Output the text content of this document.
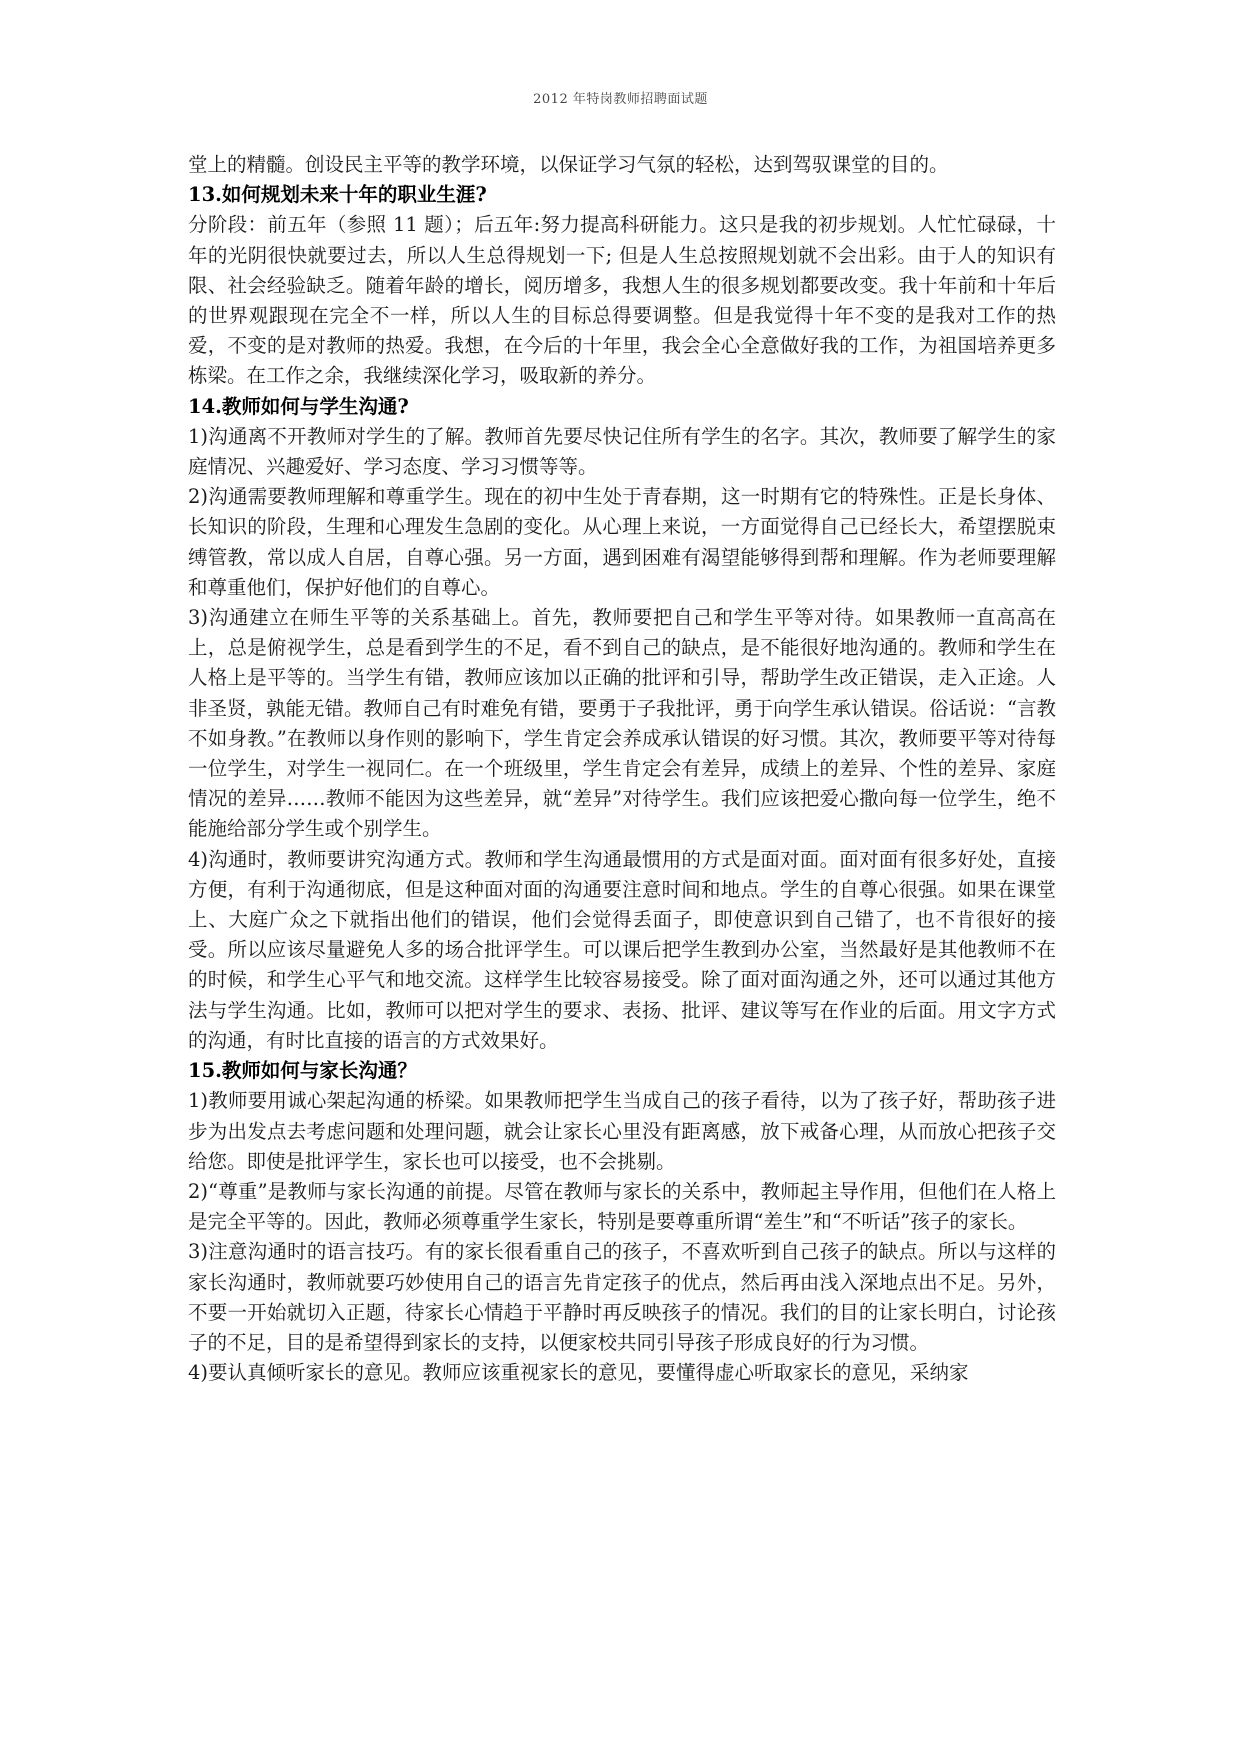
2012 年特岗教师招聘面试题

堂上的精髓。创设民主平等的教学环境，以保证学习气氛的轻松，达到驾驭课堂的目的。

13.如何规划未来十年的职业生涯?

分阶段：前五年（参照 11 题）；后五年:努力提高科研能力。这只是我的初步规划。人忙忙碌碌，十年的光阴很快就要过去，所以人生总得规划一下; 但是人生总按照规划就不会出彩。由于人的知识有限、社会经验缺乏。随着年龄的增长，阅历增多，我想人生的很多规划都要改变。我十年前和十年后的世界观跟现在完全不一样，所以人生的目标总得要调整。但是我觉得十年不变的是我对工作的热爱，不变的是对教师的热爱。我想，在今后的十年里，我会全心全意做好我的工作，为祖国培养更多栋梁。在工作之余，我继续深化学习，吸取新的养分。

14.教师如何与学生沟通?

1)沟通离不开教师对学生的了解。教师首先要尽快记住所有学生的名字。其次，教师要了解学生的家庭情况、兴趣爱好、学习态度、学习习惯等等。

2)沟通需要教师理解和尊重学生。现在的初中生处于青春期，这一时期有它的特殊性。正是长身体、长知识的阶段，生理和心理发生急剧的变化。从心理上来说，一方面觉得自己已经长大，希望摆脱束缚管教，常以成人自居，自尊心强。另一方面，遇到困难有渴望能够得到帮和理解。作为老师要理解和尊重他们，保护好他们的自尊心。

3)沟通建立在师生平等的关系基础上。首先，教师要把自己和学生平等对待。如果教师一直高高在上，总是俯视学生，总是看到学生的不足，看不到自己的缺点，是不能很好地沟通的。教师和学生在人格上是平等的。当学生有错，教师应该加以正确的批评和引导，帮助学生改正错误，走入正途。人非圣贤，孰能无错。教师自己有时难免有错，要勇于子我批评，勇于向学生承认错误。俗话说：“言教不如身教。”在教师以身作则的影响下，学生肯定会养成承认错误的好习惯。其次，教师要平等对待每一位学生，对学生一视同仁。在一个班级里，学生肯定会有差异，成绩上的差异、个性的差异、家庭情况的差异……教师不能因为这些差异，就“差异”对待学生。我们应该把爱心撒向每一位学生，绝不能施给部分学生或个别学生。

4)沟通时，教师要讲究沟通方式。教师和学生沟通最惯用的方式是面对面。面对面有很多好处，直接方便，有利于沟通彻底，但是这种面对面的沟通要注意时间和地点。学生的自尊心很强。如果在课堂上、大庭广众之下就指出他们的错误，他们会觉得丢面子，即使意识到自己错了，也不肯很好的接受。所以应该尽量避免人多的场合批评学生。可以课后把学生教到办公室，当然最好是其他教师不在的时候，和学生心平气和地交流。这样学生比较容易接受。除了面对面沟通之外，还可以通过其他方法与学生沟通。比如，教师可以把对学生的要求、表扬、批评、建议等写在作业的后面。用文字方式的沟通，有时比直接的语言的方式效果好。

15.教师如何与家长沟通？

1)教师要用诚心架起沟通的桥梁。如果教师把学生当成自己的孩子看待，以为了孩子好，帮助孩子进步为出发点去考虑问题和处理问题，就会让家长心里没有距离感，放下戒备心理，从而放心把孩子交给您。即使是批评学生，家长也可以接受，也不会挑剔。

2)“尊重”是教师与家长沟通的前提。尽管在教师与家长的关系中，教师起主导作用，但他们在人格上是完全平等的。因此，教师必须尊重学生家长，特别是要尊重所谓“差生”和“不听话”孩子的家长。

3)注意沟通时的语言技巧。有的家长很看重自己的孩子，不喜欢听到自己孩子的缺点。所以与这样的家长沟通时，教师就要巧妙使用自己的语言先肯定孩子的优点，然后再由浅入深地点出不足。另外，不要一开始就切入正题，待家长心情趋于平静时再反映孩子的情况。我们的目的让家长明白，讨论孩子的不足，目的是希望得到家长的支持，以便家校共同引导孩子形成良好的行为习惯。

4)要认真倾听家长的意见。教师应该重视家长的意见，要懂得虚心听取家长的意见，采纳家
